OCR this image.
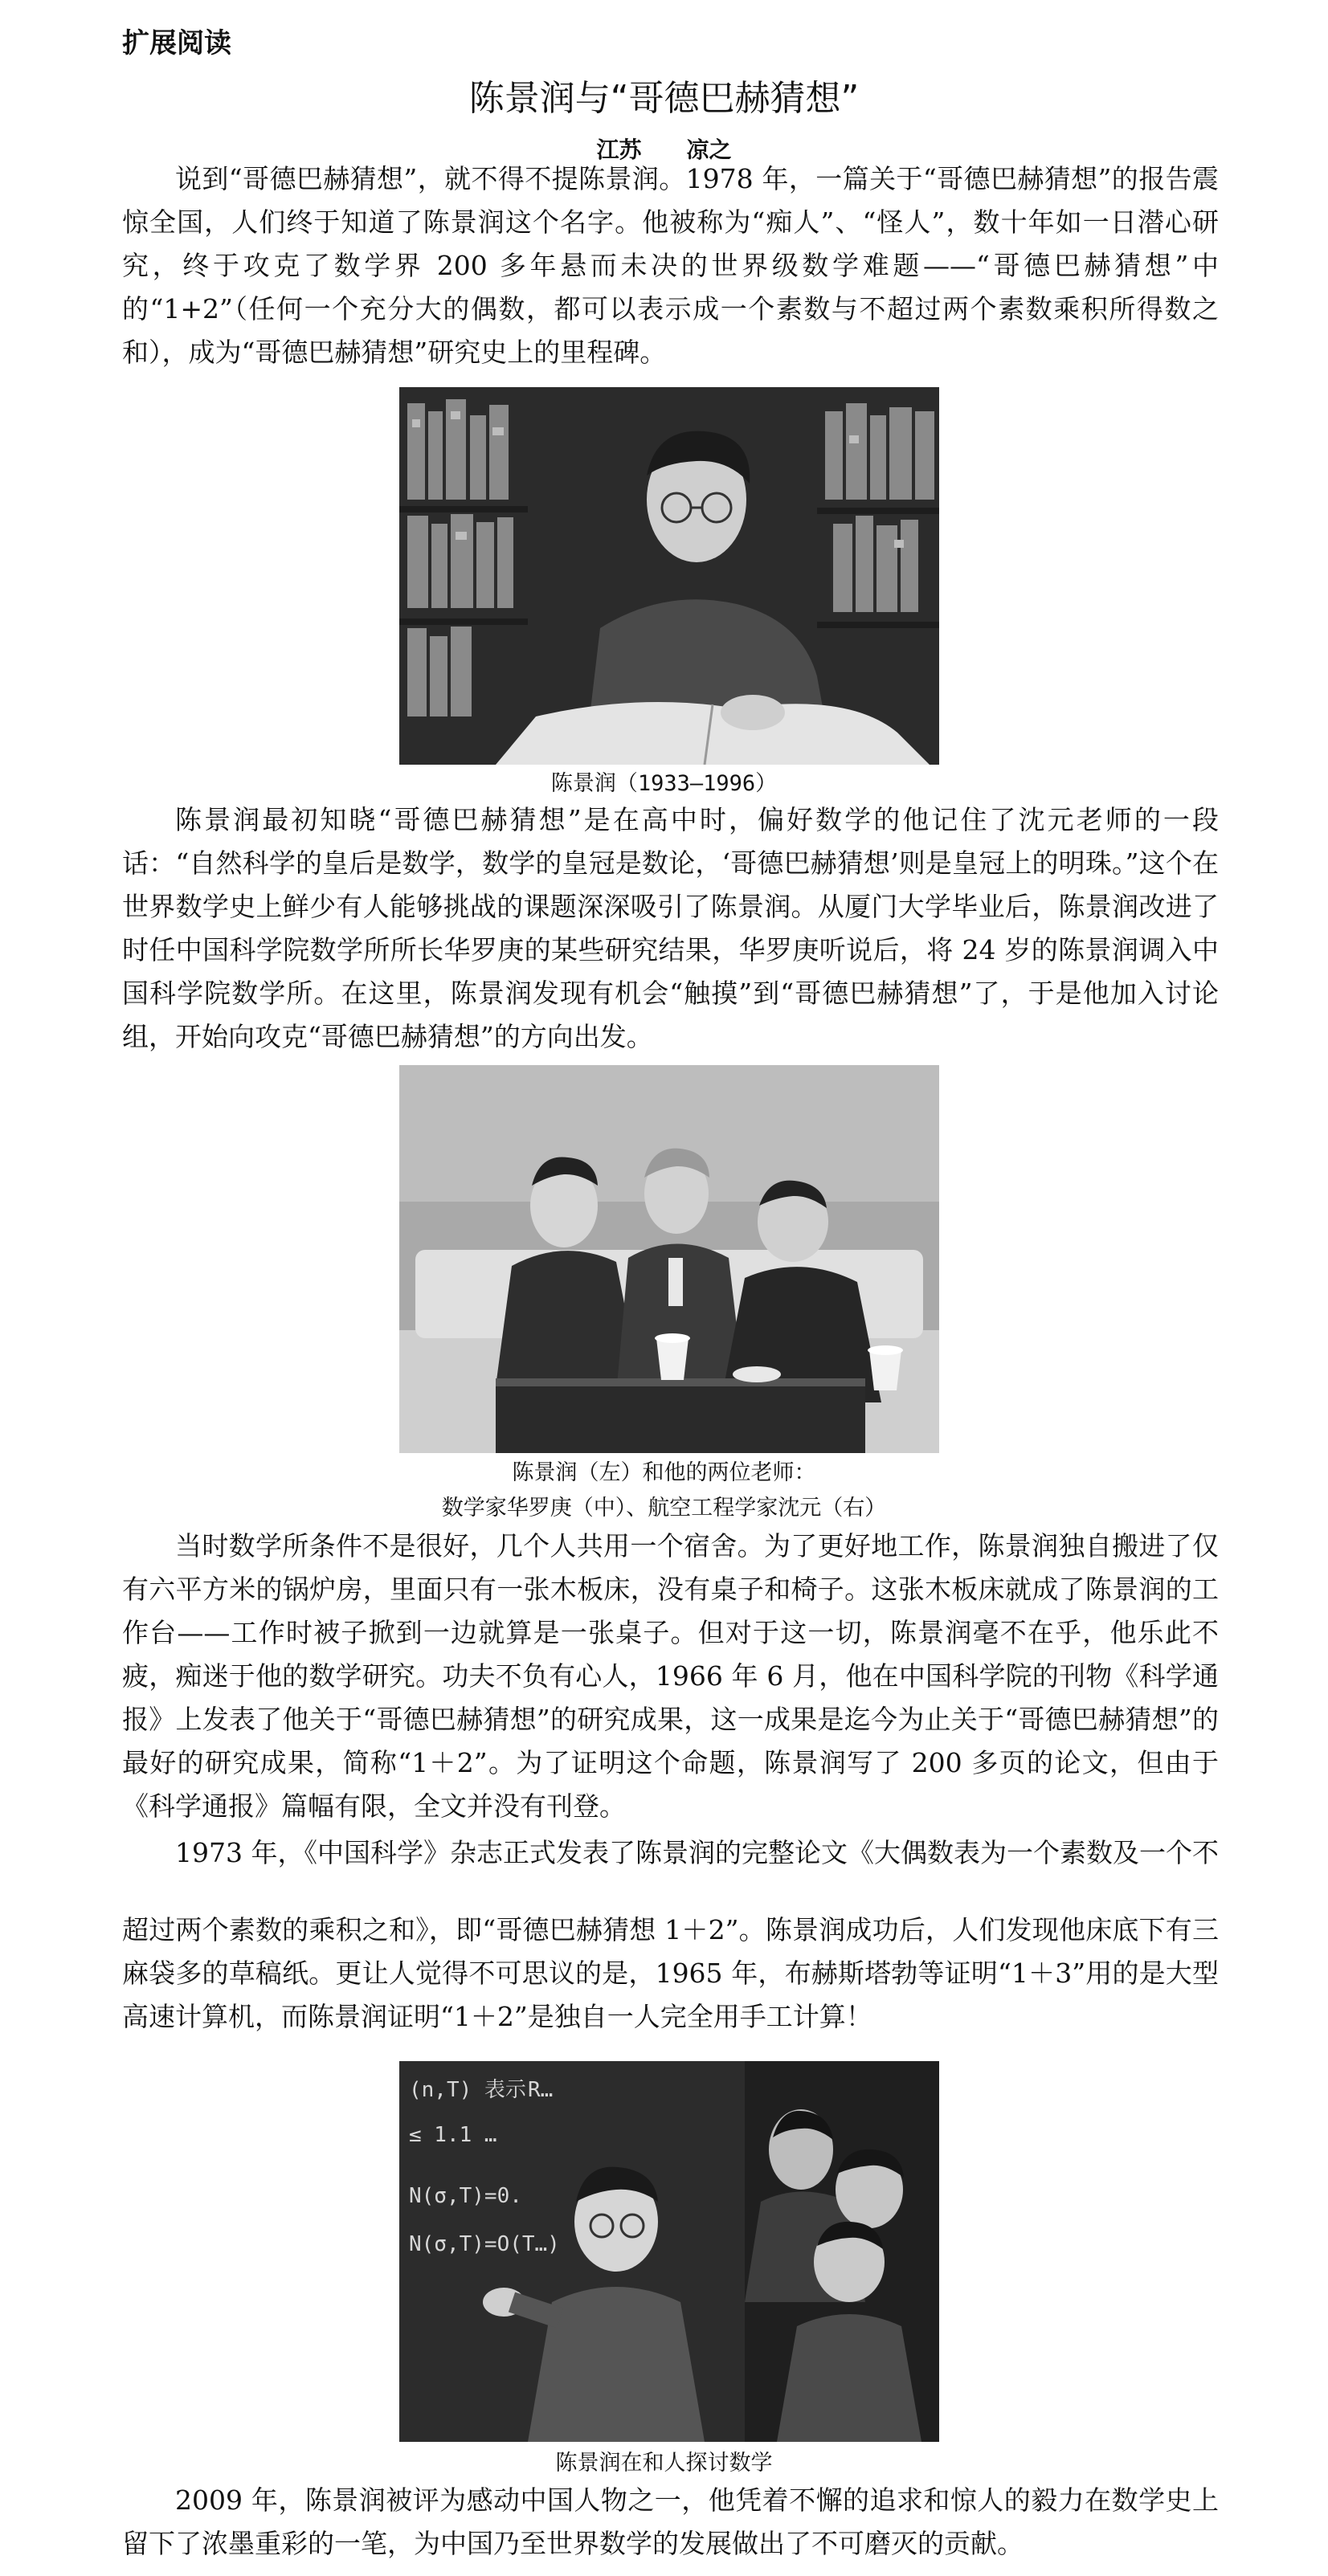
扩展阅读
陈景润与“哥德巴赫猜想”
江苏 凉之

说到“哥德巴赫猜想”，就不得不提陈景润。1978 年，一篇关于“哥德巴赫猜想”的报告震惊全国，人们终于知道了陈景润这个名字。他被称为“痴人”、“怪人”，数十年如一日潜心研究，终于攻克了数学界 200 多年悬而未决的世界级数学难题——“哥德巴赫猜想”中的“1+2”（任何一个充分大的偶数，都可以表示成一个素数与不超过两个素数乘积所得数之和），成为“哥德巴赫猜想”研究史上的里程碑。

陈景润（1933–1996）

陈景润最初知晓“哥德巴赫猜想”是在高中时，偏好数学的他记住了沈元老师的一段话：“自然科学的皇后是数学，数学的皇冠是数论，‘哥德巴赫猜想’则是皇冠上的明珠。”这个在世界数学史上鲜少有人能够挑战的课题深深吸引了陈景润。从厦门大学毕业后，陈景润改进了时任中国科学院数学所所长华罗庚的某些研究结果，华罗庚听说后，将 24 岁的陈景润调入中国科学院数学所。在这里，陈景润发现有机会“触摸”到“哥德巴赫猜想”了，于是他加入讨论组，开始向攻克“哥德巴赫猜想”的方向出发。

陈景润（左）和他的两位老师：
数学家华罗庚（中）、航空工程学家沈元（右）

当时数学所条件不是很好，几个人共用一个宿舍。为了更好地工作，陈景润独自搬进了仅有六平方米的锅炉房，里面只有一张木板床，没有桌子和椅子。这张木板床就成了陈景润的工作台——工作时被子掀到一边就算是一张桌子。但对于这一切，陈景润毫不在乎，他乐此不疲，痴迷于他的数学研究。功夫不负有心人，1966 年 6 月，他在中国科学院的刊物《科学通报》上发表了他关于“哥德巴赫猜想”的研究成果，这一成果是迄今为止关于“哥德巴赫猜想”的最好的研究成果，简称“1＋2”。为了证明这个命题，陈景润写了 200 多页的论文，但由于《科学通报》篇幅有限，全文并没有刊登。

1973 年，《中国科学》杂志正式发表了陈景润的完整论文《大偶数表为一个素数及一个不

超过两个素数的乘积之和》，即“哥德巴赫猜想 1＋2”。陈景润成功后，人们发现他床底下有三麻袋多的草稿纸。更让人觉得不可思议的是，1965 年，布赫斯塔勃等证明“1＋3”用的是大型高速计算机，而陈景润证明“1＋2”是独自一人完全用手工计算！

(n,T) 表示 R…
≤ 1.1 …
N(σ,T)=0.
N(σ,T)=O(T…)
陈景润在和人探讨数学

2009 年，陈景润被评为感动中国人物之一，他凭着不懈的追求和惊人的毅力在数学史上留下了浓墨重彩的一笔，为中国乃至世界数学的发展做出了不可磨灭的贡献。
